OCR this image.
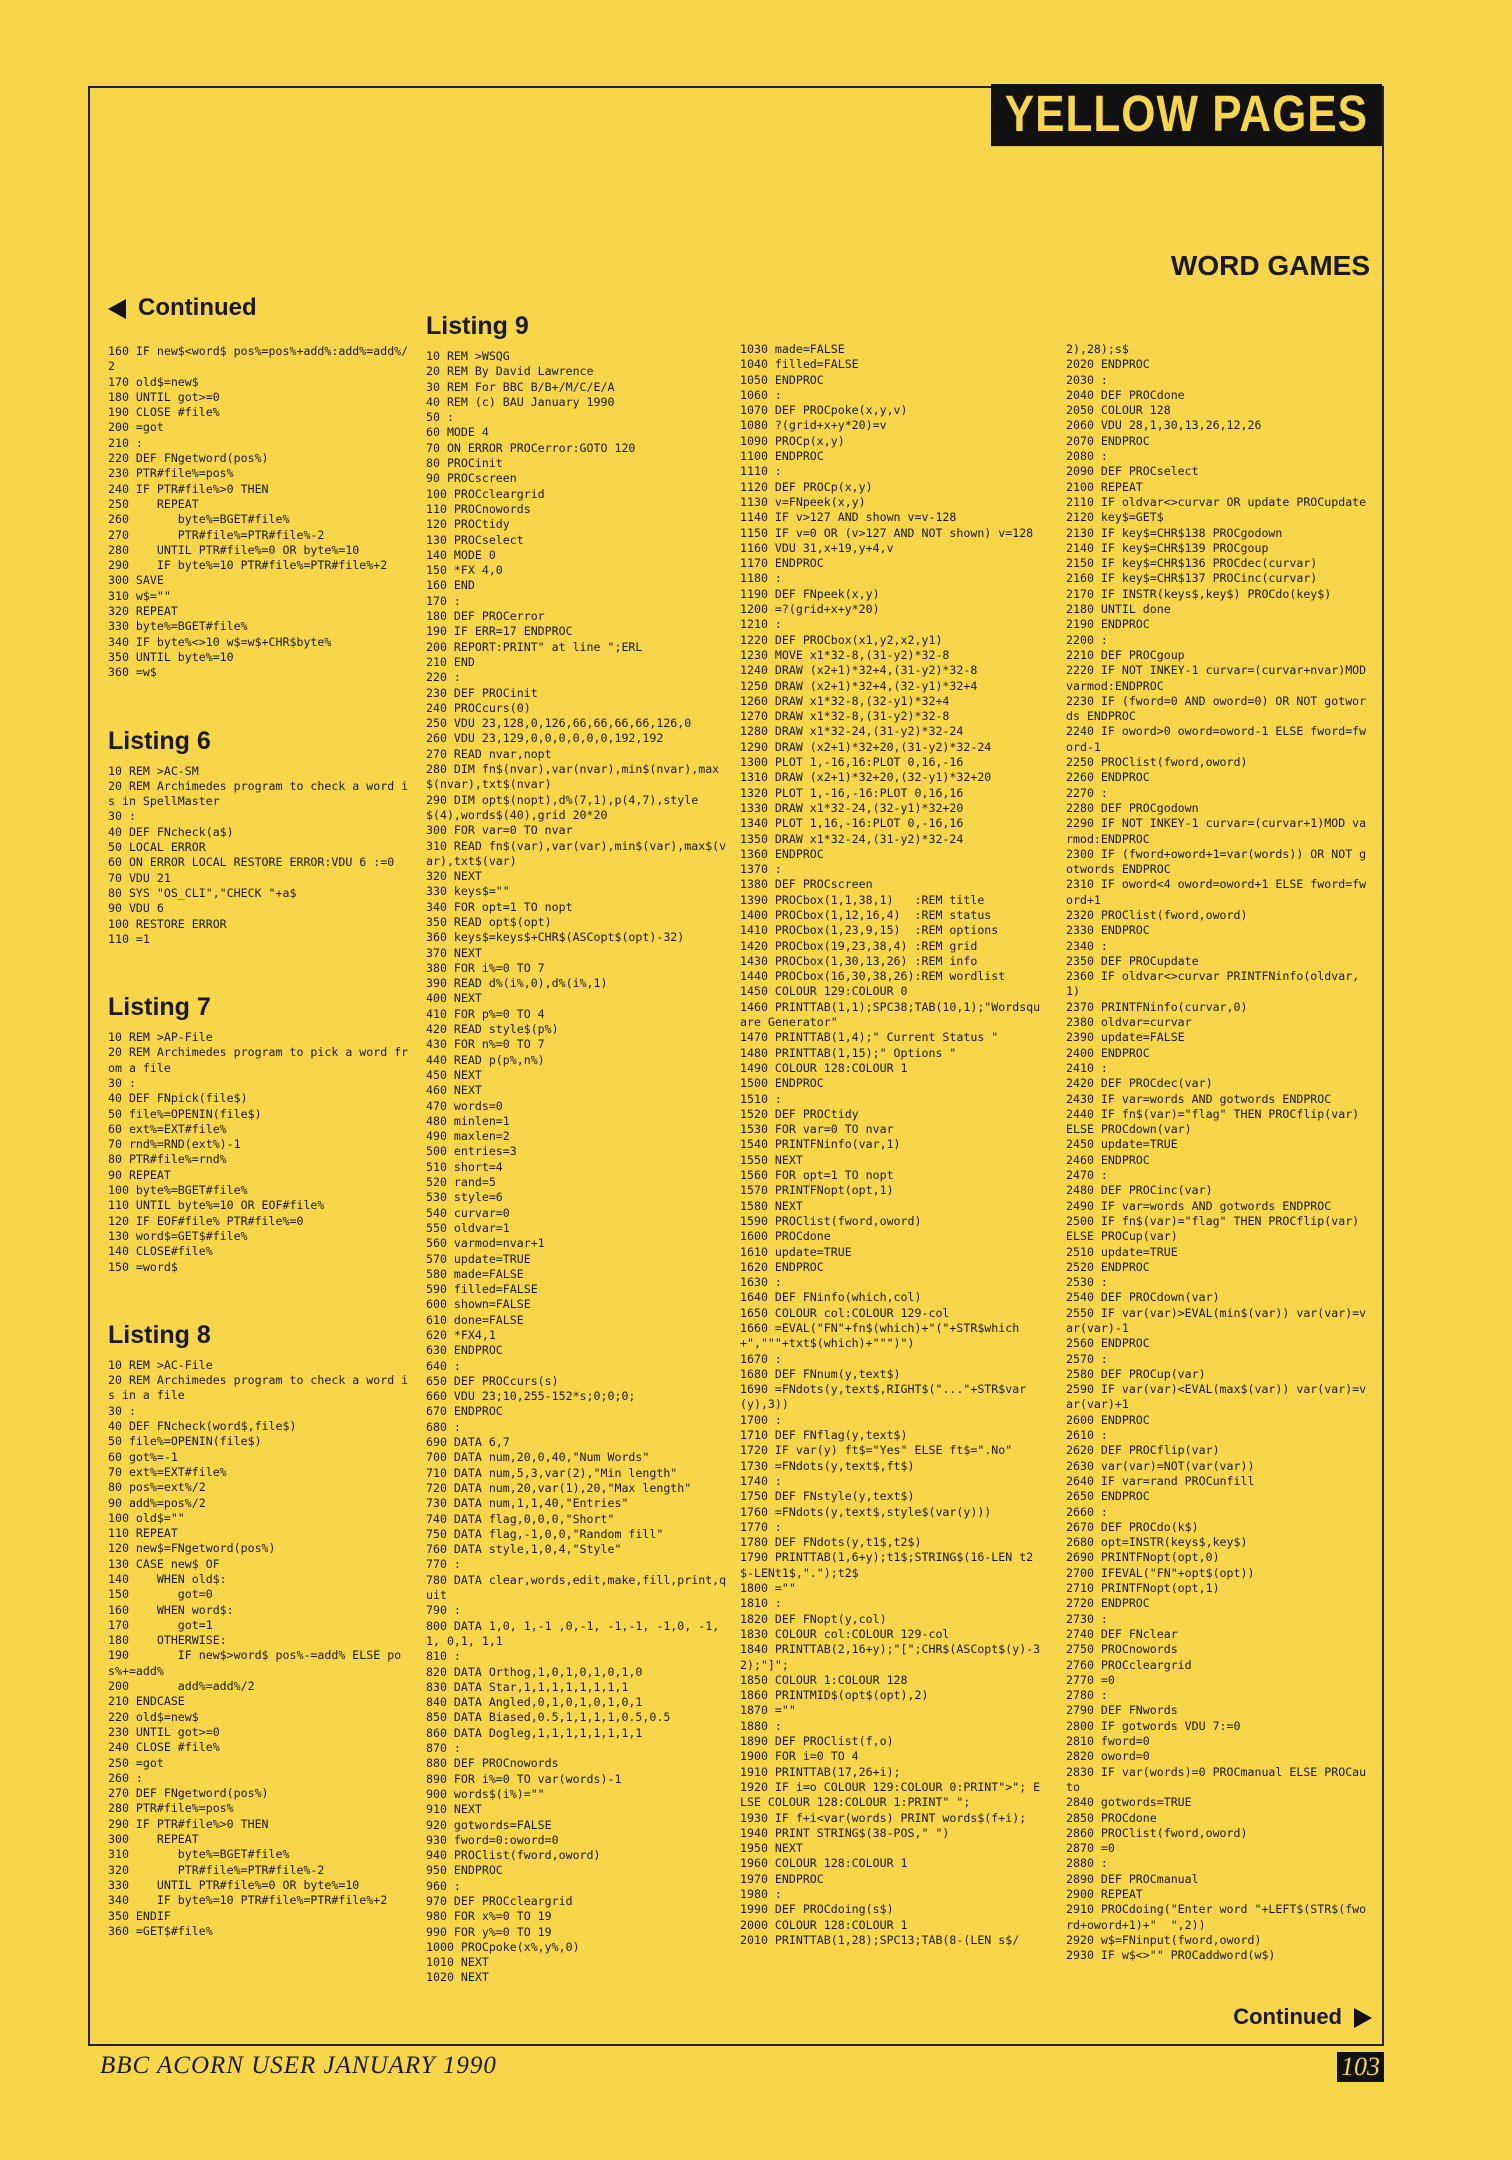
YELLOW PAGES
WORD GAMES
Continued
160 IF new$<word$ pos%=pos%+add%:add%=add%/2
170 old$=new$
180 UNTIL got>=0
190 CLOSE #file%
200 =got
210 :
220 DEF FNgetword(pos%)
230 PTR#file%=pos%
240 IF PTR#file%>0 THEN
250    REPEAT
260       byte%=BGET#file%
270       PTR#file%=PTR#file%-2
280    UNTIL PTR#file%=0 OR byte%=10
290    IF byte%=10 PTR#file%=PTR#file%+2
300 SAVE
310 w$=""
320 REPEAT
330 byte%=BGET#file%
340 IF byte%<>10 w$=w$+CHR$byte%
350 UNTIL byte%=10
360 =w$
Listing 6
10 REM >AC-SM
20 REM Archimedes program to check a word is in SpellMaster
30 :
40 DEF FNcheck(a$)
50 LOCAL ERROR
60 ON ERROR LOCAL RESTORE ERROR:VDU 6 :=0
70 VDU 21
80 SYS "OS_CLI","CHECK "+a$
90 VDU 6
100 RESTORE ERROR
110 =1
Listing 7
10 REM >AP-File
20 REM Archimedes program to pick a word from a file
30 :
40 DEF FNpick(file$)
50 file%=OPENIN(file$)
60 ext%=EXT#file%
70 rnd%=RND(ext%)-1
80 PTR#file%=rnd%
90 REPEAT
100 byte%=BGET#file%
110 UNTIL byte%=10 OR EOF#file%
120 IF EOF#file% PTR#file%=0
130 word$=GET$#file%
140 CLOSE#file%
150 =word$
Listing 8
10 REM >AC-File
20 REM Archimedes program to check a word is in a file
30 :
40 DEF FNcheck(word$,file$)
50 file%=OPENIN(file$)
60 got%=-1
70 ext%=EXT#file%
80 pos%=ext%/2
90 add%=pos%/2
100 old$=""
110 REPEAT
120 new$=FNgetword(pos%)
130 CASE new$ OF
140    WHEN old$:
150       got=0
160    WHEN word$:
170       got=1
180    OTHERWISE:
190       IF new$>word$ pos%-=add% ELSE pos%+=add%
200       add%=add%/2
210 ENDCASE
220 old$=new$
230 UNTIL got>=0
240 CLOSE #file%
250 =got
260 :
270 DEF FNgetword(pos%)
280 PTR#file%=pos%
290 IF PTR#file%>0 THEN
300    REPEAT
310       byte%=BGET#file%
320       PTR#file%=PTR#file%-2
330    UNTIL PTR#file%=0 OR byte%=10
340    IF byte%=10 PTR#file%=PTR#file%+2
350 ENDIF
360 =GET$#file%
Listing 9
10 REM >WSQG
20 REM By David Lawrence
30 REM For BBC B/B+/M/C/E/A
40 REM (c) BAU January 1990
50 :
60 MODE 4
70 ON ERROR PROCerror:GOTO 120
80 PROCinit
90 PROCscreen
100 PROCcleargrid
110 PROCnowords
120 PROCtidy
130 PROCselect
140 MODE 0
150 *FX 4,0
160 END
170 :
180 DEF PROCerror
190 IF ERR=17 ENDPROC
200 REPORT:PRINT" at line ";ERL
210 END
220 :
230 DEF PROCinit
240 PROCcurs(0)
250 VDU 23,128,0,126,66,66,66,66,126,0
260 VDU 23,129,0,0,0,0,0,0,192,192
270 READ nvar,nopt
280 DIM fn$(nvar),var(nvar),min$(nvar),max$(nvar),txt$(nvar)
290 DIM opt$(nopt),d%(7,1),p(4,7),style$(4),words$(40),grid 20*20
300 FOR var=0 TO nvar
310 READ fn$(var),var(var),min$(var),max$(var),txt$(var)
320 NEXT
330 keys$=""
340 FOR opt=1 TO nopt
350 READ opt$(opt)
360 keys$=keys$+CHR$(ASCopt$(opt)-32)
370 NEXT
380 FOR i%=0 TO 7
390 READ d%(i%,0),d%(i%,1)
400 NEXT
410 FOR p%=0 TO 4
420 READ style$(p%)
430 FOR n%=0 TO 7
440 READ p(p%,n%)
450 NEXT
460 NEXT
470 words=0
480 minlen=1
490 maxlen=2
500 entries=3
510 short=4
520 rand=5
530 style=6
540 curvar=0
550 oldvar=1
560 varmod=nvar+1
570 update=TRUE
580 made=FALSE
590 filled=FALSE
600 shown=FALSE
610 done=FALSE
620 *FX4,1
630 ENDPROC
640 :
650 DEF PROCcurs(s)
660 VDU 23;10,255-152*s;0;0;0;
670 ENDPROC
680 :
690 DATA 6,7
700 DATA num,20,0,40,"Num Words"
710 DATA num,5,3,var(2),"Min length"
720 DATA num,20,var(1),20,"Max length"
730 DATA num,1,1,40,"Entries"
740 DATA flag,0,0,0,"Short"
750 DATA flag,-1,0,0,"Random fill"
760 DATA style,1,0,4,"Style"
770 :
780 DATA clear,words,edit,make,fill,print,quit
790 :
800 DATA 1,0, 1,-1 ,0,-1, -1,-1, -1,0, -1,1, 0,1, 1,1
810 :
820 DATA Orthog,1,0,1,0,1,0,1,0
830 DATA Star,1,1,1,1,1,1,1,1
840 DATA Angled,0,1,0,1,0,1,0,1
850 DATA Biased,0.5,1,1,1,1,0.5,0.5
860 DATA Dogleg,1,1,1,1,1,1,1,1
870 :
880 DEF PROCnowords
890 FOR i%=0 TO var(words)-1
900 words$(i%)=""
910 NEXT
920 gotwords=FALSE
930 fword=0:oword=0
940 PROClist(fword,oword)
950 ENDPROC
960 :
970 DEF PROCcleargrid
980 FOR x%=0 TO 19
990 FOR y%=0 TO 19
1000 PROCpoke(x%,y%,0)
1010 NEXT
1020 NEXT
1030 made=FALSE
1040 filled=FALSE
1050 ENDPROC
1060 :
1070 DEF PROCpoke(x,y,v)
1080 ?(grid+x+y*20)=v
1090 PROCp(x,y)
1100 ENDPROC
1110 :
1120 DEF PROCp(x,y)
1130 v=FNpeek(x,y)
1140 IF v>127 AND shown v=v-128
1150 IF v=0 OR (v>127 AND NOT shown) v=128
1160 VDU 31,x+19,y+4,v
1170 ENDPROC
1180 :
1190 DEF FNpeek(x,y)
1200 =?(grid+x+y*20)
1210 :
1220 DEF PROCbox(x1,y2,x2,y1)
1230 MOVE x1*32-8,(31-y2)*32-8
1240 DRAW (x2+1)*32+4,(31-y2)*32-8
1250 DRAW (x2+1)*32+4,(32-y1)*32+4
1260 DRAW x1*32-8,(32-y1)*32+4
1270 DRAW x1*32-8,(31-y2)*32-8
1280 DRAW x1*32-24,(31-y2)*32-24
1290 DRAW (x2+1)*32+20,(31-y2)*32-24
1300 PLOT 1,-16,16:PLOT 0,16,-16
1310 DRAW (x2+1)*32+20,(32-y1)*32+20
1320 PLOT 1,-16,-16:PLOT 0,16,16
1330 DRAW x1*32-24,(32-y1)*32+20
1340 PLOT 1,16,-16:PLOT 0,-16,16
1350 DRAW x1*32-24,(31-y2)*32-24
1360 ENDPROC
1370 :
1380 DEF PROCscreen
1390 PROCbox(1,1,38,1)   :REM title
1400 PROCbox(1,12,16,4)  :REM status
1410 PROCbox(1,23,9,15)  :REM options
1420 PROCbox(19,23,38,4) :REM grid
1430 PROCbox(1,30,13,26) :REM info
1440 PROCbox(16,30,38,26):REM wordlist
1450 COLOUR 129:COLOUR 0
1460 PRINTTAB(1,1);SPC38;TAB(10,1);"Wordsquare Generator"
1470 PRINTTAB(1,4);" Current Status "
1480 PRINTTAB(1,15);" Options "
1490 COLOUR 128:COLOUR 1
1500 ENDPROC
1510 :
1520 DEF PROCtidy
1530 FOR var=0 TO nvar
1540 PRINTFNinfo(var,1)
1550 NEXT
1560 FOR opt=1 TO nopt
1570 PRINTFNopt(opt,1)
1580 NEXT
1590 PROClist(fword,oword)
1600 PROCdone
1610 update=TRUE
1620 ENDPROC
1630 :
1640 DEF FNinfo(which,col)
1650 COLOUR col:COLOUR 129-col
1660 =EVAL("FN"+fn$(which)+"("+STR$which+","""+txt$(which)+""")")
1670 :
1680 DEF FNnum(y,text$)
1690 =FNdots(y,text$,RIGHT$("..."+STR$var(y),3))
1700 :
1710 DEF FNflag(y,text$)
1720 IF var(y) ft$="Yes" ELSE ft$=".No"
1730 =FNdots(y,text$,ft$)
1740 :
1750 DEF FNstyle(y,text$)
1760 =FNdots(y,text$,style$(var(y)))
1770 :
1780 DEF FNdots(y,t1$,t2$)
1790 PRINTTAB(1,6+y);t1$;STRING$(16-LEN t2$-LENt1$,".");t2$
1800 =""
1810 :
1820 DEF FNopt(y,col)
1830 COLOUR col:COLOUR 129-col
1840 PRINTTAB(2,16+y);"[";CHR$(ASCopt$(y)-32);"]";
1850 COLOUR 1:COLOUR 128
1860 PRINTMID$(opt$(opt),2)
1870 =""
1880 :
1890 DEF PROClist(f,o)
1900 FOR i=0 TO 4
1910 PRINTTAB(17,26+i);
1920 IF i=o COLOUR 129:COLOUR 0:PRINT">"; ELSE COLOUR 128:COLOUR 1:PRINT" ";
1930 IF f+i<var(words) PRINT words$(f+i);
1940 PRINT STRING$(38-POS," ")
1950 NEXT
1960 COLOUR 128:COLOUR 1
1970 ENDPROC
1980 :
1990 DEF PROCdoing(s$)
2000 COLOUR 128:COLOUR 1
2010 PRINTTAB(1,28);SPC13;TAB(8-(LEN s$/
2),28);s$
2020 ENDPROC
2030 :
2040 DEF PROCdone
2050 COLOUR 128
2060 VDU 28,1,30,13,26,12,26
2070 ENDPROC
2080 :
2090 DEF PROCselect
2100 REPEAT
2110 IF oldvar<>curvar OR update PROCupdate
2120 key$=GET$
2130 IF key$=CHR$138 PROCgodown
2140 IF key$=CHR$139 PROCgoup
2150 IF key$=CHR$136 PROCdec(curvar)
2160 IF key$=CHR$137 PROCinc(curvar)
2170 IF INSTR(keys$,key$) PROCdo(key$)
2180 UNTIL done
2190 ENDPROC
2200 :
2210 DEF PROCgoup
2220 IF NOT INKEY-1 curvar=(curvar+nvar)MODvarmod:ENDPROC
2230 IF (fword=0 AND oword=0) OR NOT gotwords ENDPROC
2240 IF oword>0 oword=oword-1 ELSE fword=fword-1
2250 PROClist(fword,oword)
2260 ENDPROC
2270 :
2280 DEF PROCgodown
2290 IF NOT INKEY-1 curvar=(curvar+1)MOD varmod:ENDPROC
2300 IF (fword+oword+1=var(words)) OR NOT gotwords ENDPROC
2310 IF oword<4 oword=oword+1 ELSE fword=fword+1
2320 PROClist(fword,oword)
2330 ENDPROC
2340 :
2350 DEF PROCupdate
2360 IF oldvar<>curvar PRINTFNinfo(oldvar,1)
2370 PRINTFNinfo(curvar,0)
2380 oldvar=curvar
2390 update=FALSE
2400 ENDPROC
2410 :
2420 DEF PROCdec(var)
2430 IF var=words AND gotwords ENDPROC
2440 IF fn$(var)="flag" THEN PROCflip(var) ELSE PROCdown(var)
2450 update=TRUE
2460 ENDPROC
2470 :
2480 DEF PROCinc(var)
2490 IF var=words AND gotwords ENDPROC
2500 IF fn$(var)="flag" THEN PROCflip(var) ELSE PROCup(var)
2510 update=TRUE
2520 ENDPROC
2530 :
2540 DEF PROCdown(var)
2550 IF var(var)>EVAL(min$(var)) var(var)=var(var)-1
2560 ENDPROC
2570 :
2580 DEF PROCup(var)
2590 IF var(var)<EVAL(max$(var)) var(var)=var(var)+1
2600 ENDPROC
2610 :
2620 DEF PROCflip(var)
2630 var(var)=NOT(var(var))
2640 IF var=rand PROCunfill
2650 ENDPROC
2660 :
2670 DEF PROCdo(k$)
2680 opt=INSTR(keys$,key$)
2690 PRINTFNopt(opt,0)
2700 IFEVAL("FN"+opt$(opt))
2710 PRINTFNopt(opt,1)
2720 ENDPROC
2730 :
2740 DEF FNclear
2750 PROCnowords
2760 PROCcleargrid
2770 =0
2780 :
2790 DEF FNwords
2800 IF gotwords VDU 7:=0
2810 fword=0
2820 oword=0
2830 IF var(words)=0 PROCmanual ELSE PROCauto
2840 gotwords=TRUE
2850 PROCdone
2860 PROClist(fword,oword)
2870 =0
2880 :
2890 DEF PROCmanual
2900 REPEAT
2910 PROCdoing("Enter word "+LEFT$(STR$(fword+oword+1)+"  ",2))
2920 w$=FNinput(fword,oword)
2930 IF w$<>"" PROCaddword(w$)
Continued
BBC ACORN USER JANUARY 1990	103
